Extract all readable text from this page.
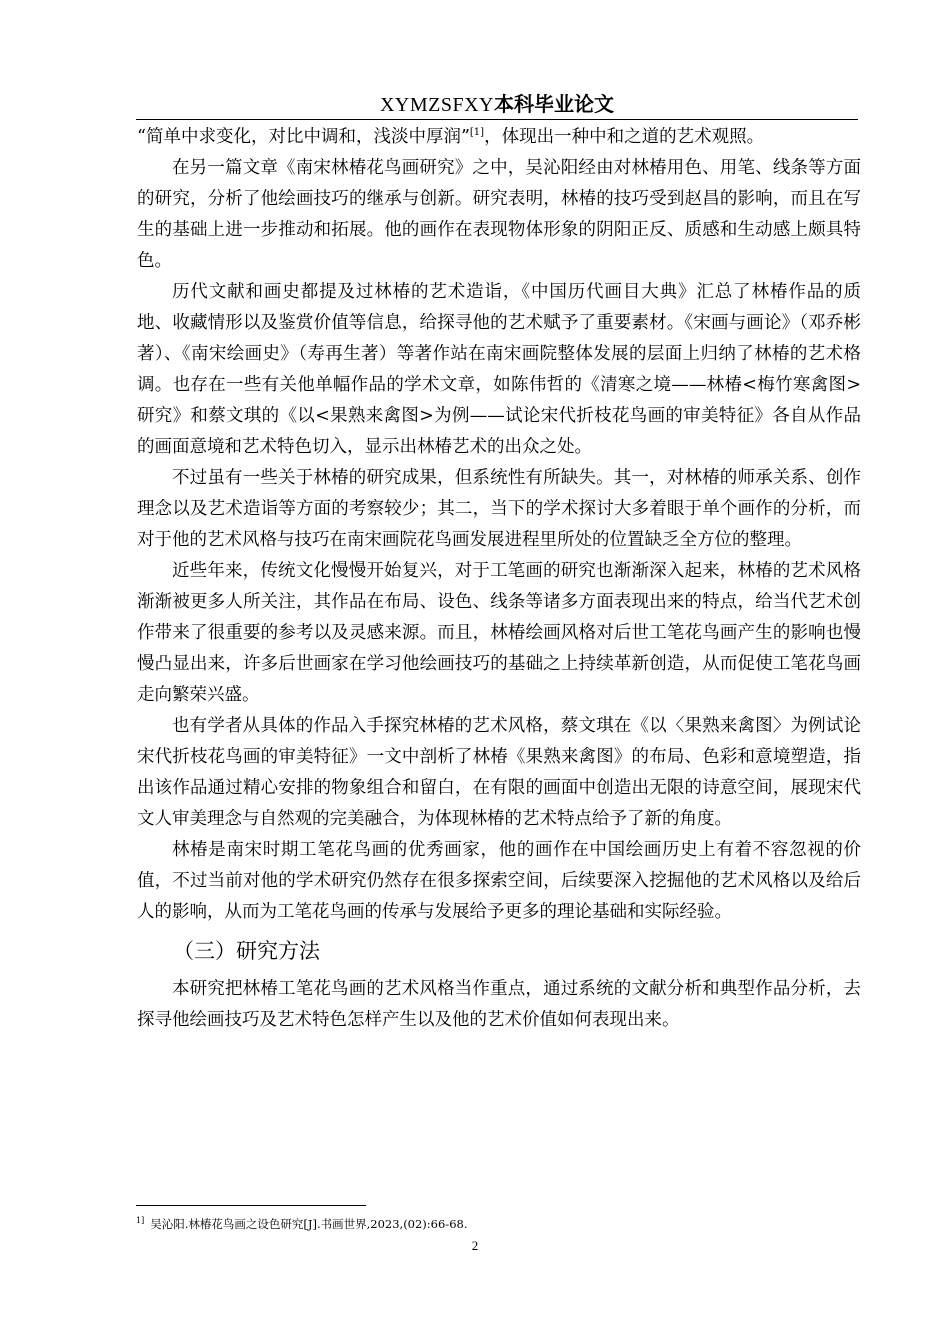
XYMZSFXY本科毕业论文

“简单中求变化，对比中调和，浅淡中厚润”[1]，体现出一种中和之道的艺术观照。

在另一篇文章《南宋林椿花鸟画研究》之中，吴沁阳经由对林椿用色、用笔、线条等方面的研究，分析了他绘画技巧的继承与创新。研究表明，林椿的技巧受到赵昌的影响，而且在写生的基础上进一步推动和拓展。他的画作在表现物体形象的阴阳正反、质感和生动感上颇具特色。

历代文献和画史都提及过林椿的艺术造诣，《中国历代画目大典》汇总了林椿作品的质地、收藏情形以及鉴赏价值等信息，给探寻他的艺术赋予了重要素材。《宋画与画论》（邓乔彬著）、《南宋绘画史》（寿再生著）等著作站在南宋画院整体发展的层面上归纳了林椿的艺术格调。也存在一些有关他单幅作品的学术文章，如陈伟哲的《清寒之境——林椿<梅竹寒禽图>研究》和蔡文琪的《以<果熟来禽图>为例——试论宋代折枝花鸟画的审美特征》各自从作品的画面意境和艺术特色切入，显示出林椿艺术的出众之处。

不过虽有一些关于林椿的研究成果，但系统性有所缺失。其一，对林椿的师承关系、创作理念以及艺术造诣等方面的考察较少；其二，当下的学术探讨大多着眼于单个画作的分析，而对于他的艺术风格与技巧在南宋画院花鸟画发展进程里所处的位置缺乏全方位的整理。

近些年来，传统文化慢慢开始复兴，对于工笔画的研究也渐渐深入起来，林椿的艺术风格渐渐被更多人所关注，其作品在布局、设色、线条等诸多方面表现出来的特点，给当代艺术创作带来了很重要的参考以及灵感来源。而且，林椿绘画风格对后世工笔花鸟画产生的影响也慢慢凸显出来，许多后世画家在学习他绘画技巧的基础之上持续革新创造，从而促使工笔花鸟画走向繁荣兴盛。

也有学者从具体的作品入手探究林椿的艺术风格，蔡文琪在《以〈果熟来禽图〉为例试论宋代折枝花鸟画的审美特征》一文中剖析了林椿《果熟来禽图》的布局、色彩和意境塑造，指出该作品通过精心安排的物象组合和留白，在有限的画面中创造出无限的诗意空间，展现宋代文人审美理念与自然观的完美融合，为体现林椿的艺术特点给予了新的角度。

林椿是南宋时期工笔花鸟画的优秀画家，他的画作在中国绘画历史上有着不容忽视的价值，不过当前对他的学术研究仍然存在很多探索空间，后续要深入挖掘他的艺术风格以及给后人的影响，从而为工笔花鸟画的传承与发展给予更多的理论基础和实际经验。

（三）研究方法

本研究把林椿工笔花鸟画的艺术风格当作重点，通过系统的文献分析和典型作品分析，去探寻他绘画技巧及艺术特色怎样产生以及他的艺术价值如何表现出来。

$^{1]}$ 吴沁阳.林椿花鸟画之设色研究[J].书画世界,2023,(02):66-68.
2
